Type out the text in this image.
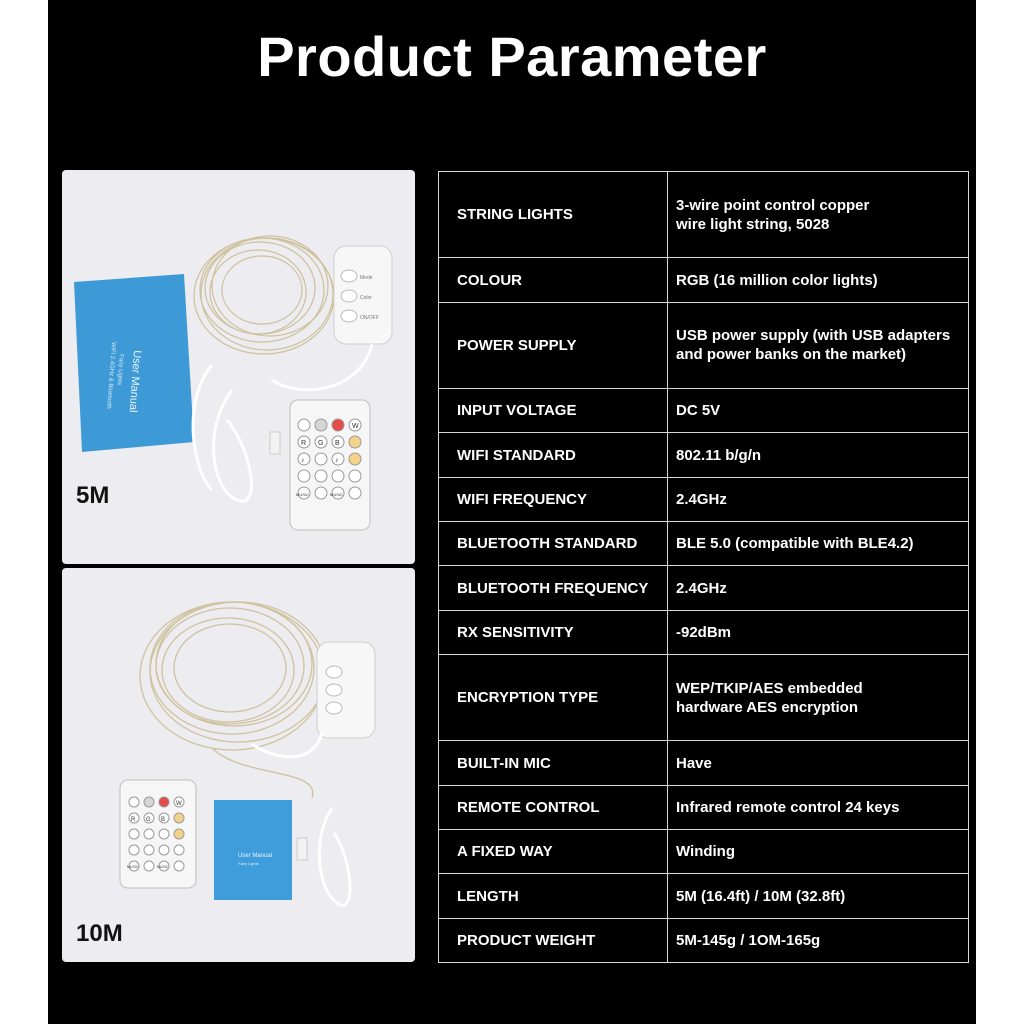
Product Parameter
User Manual
Fairy Lights
WiFi 2.4GHz & Bluetooth
Mode
Color
ON/OFF
W
R G B
♪	♪
MUSIC	MUSIC
5M
User Manual
Fairy Lights
W
R G B
MUSIC	MUSIC
10M
STRING LIGHTS	3-wire point control copper
wire light string, 5028
COLOUR	RGB (16 million color lights)
POWER SUPPLY	USB power supply (with USB adapters
and power banks on the market)
INPUT VOLTAGE	DC 5V
WIFI STANDARD	802.11 b/g/n
WIFI FREQUENCY	2.4GHz
BLUETOOTH STANDARD	BLE 5.0 (compatible with BLE4.2)
BLUETOOTH FREQUENCY	2.4GHz
RX SENSITIVITY	-92dBm
ENCRYPTION TYPE	WEP/TKIP/AES embedded
hardware AES encryption
BUILT-IN MIC	Have
REMOTE CONTROL	Infrared remote control 24 keys
A FIXED WAY	Winding
LENGTH	5M (16.4ft) / 10M (32.8ft)
PRODUCT WEIGHT	5M-145g / 1OM-165g
